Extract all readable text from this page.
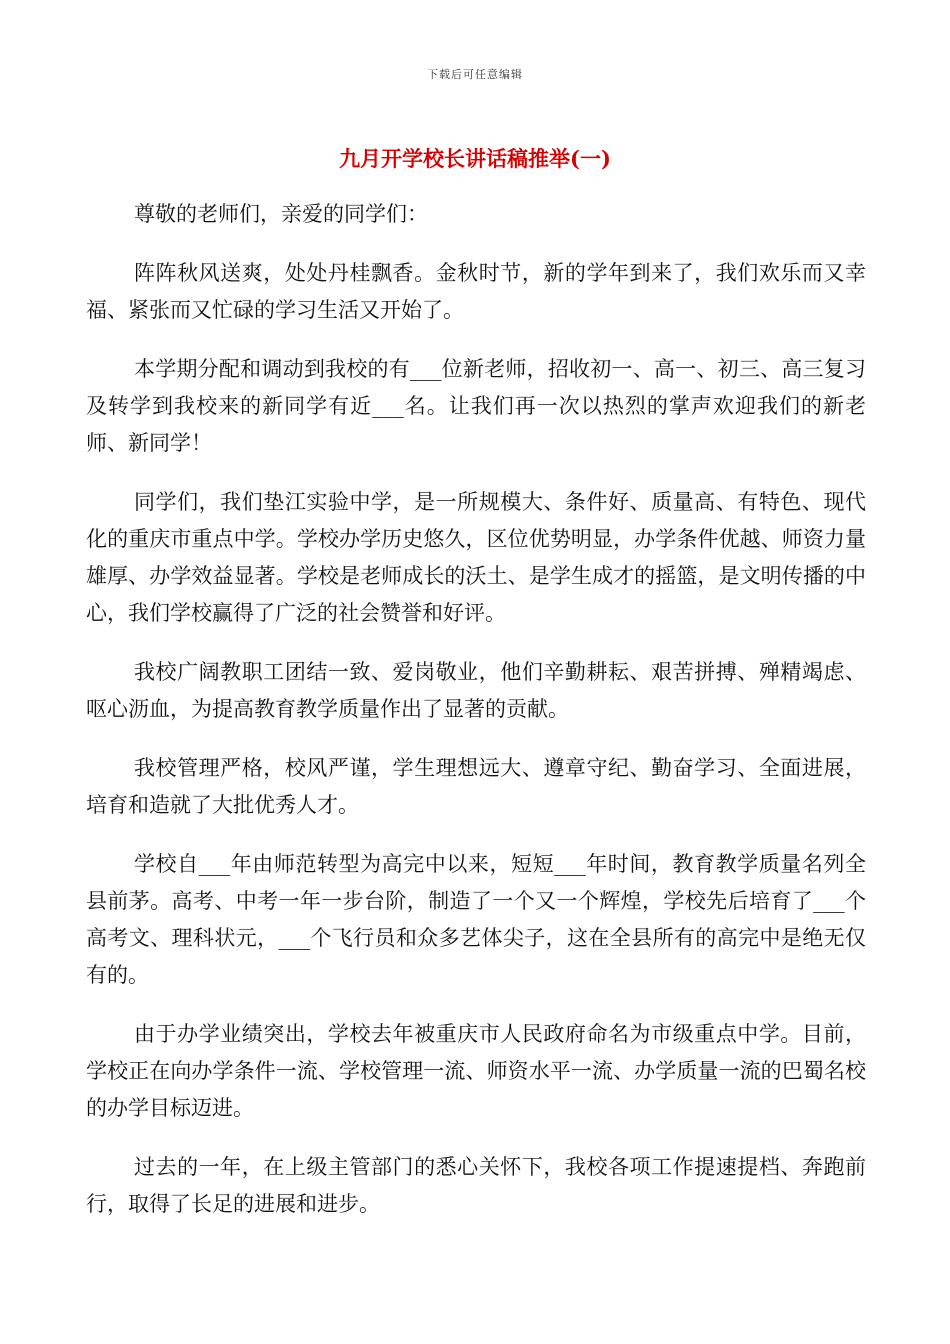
下载后可任意编辑
九月开学校长讲话稿推举(一)

尊敬的老师们，亲爱的同学们：

阵阵秋风送爽，处处丹桂飘香。金秋时节，新的学年到来了，我们欢乐而又幸福、紧张而又忙碌的学习生活又开始了。

本学期分配和调动到我校的有___位新老师，招收初一、高一、初三、高三复习及转学到我校来的新同学有近___名。让我们再一次以热烈的掌声欢迎我们的新老师、新同学！

同学们，我们垫江实验中学，是一所规模大、条件好、质量高、有特色、现代化的重庆市重点中学。学校办学历史悠久，区位优势明显，办学条件优越、师资力量雄厚、办学效益显著。学校是老师成长的沃土、是学生成才的摇篮，是文明传播的中心，我们学校赢得了广泛的社会赞誉和好评。

我校广阔教职工团结一致、爱岗敬业，他们辛勤耕耘、艰苦拼搏、殚精竭虑、呕心沥血，为提高教育教学质量作出了显著的贡献。

我校管理严格，校风严谨，学生理想远大、遵章守纪、勤奋学习、全面进展，培育和造就了大批优秀人才。

学校自___年由师范转型为高完中以来，短短___年时间，教育教学质量名列全县前茅。高考、中考一年一步台阶，制造了一个又一个辉煌，学校先后培育了___个高考文、理科状元，___个飞行员和众多艺体尖子，这在全县所有的高完中是绝无仅有的。

由于办学业绩突出，学校去年被重庆市人民政府命名为市级重点中学。目前，学校正在向办学条件一流、学校管理一流、师资水平一流、办学质量一流的巴蜀名校的办学目标迈进。

过去的一年，在上级主管部门的悉心关怀下，我校各项工作提速提档、奔跑前行，取得了长足的进展和进步。
